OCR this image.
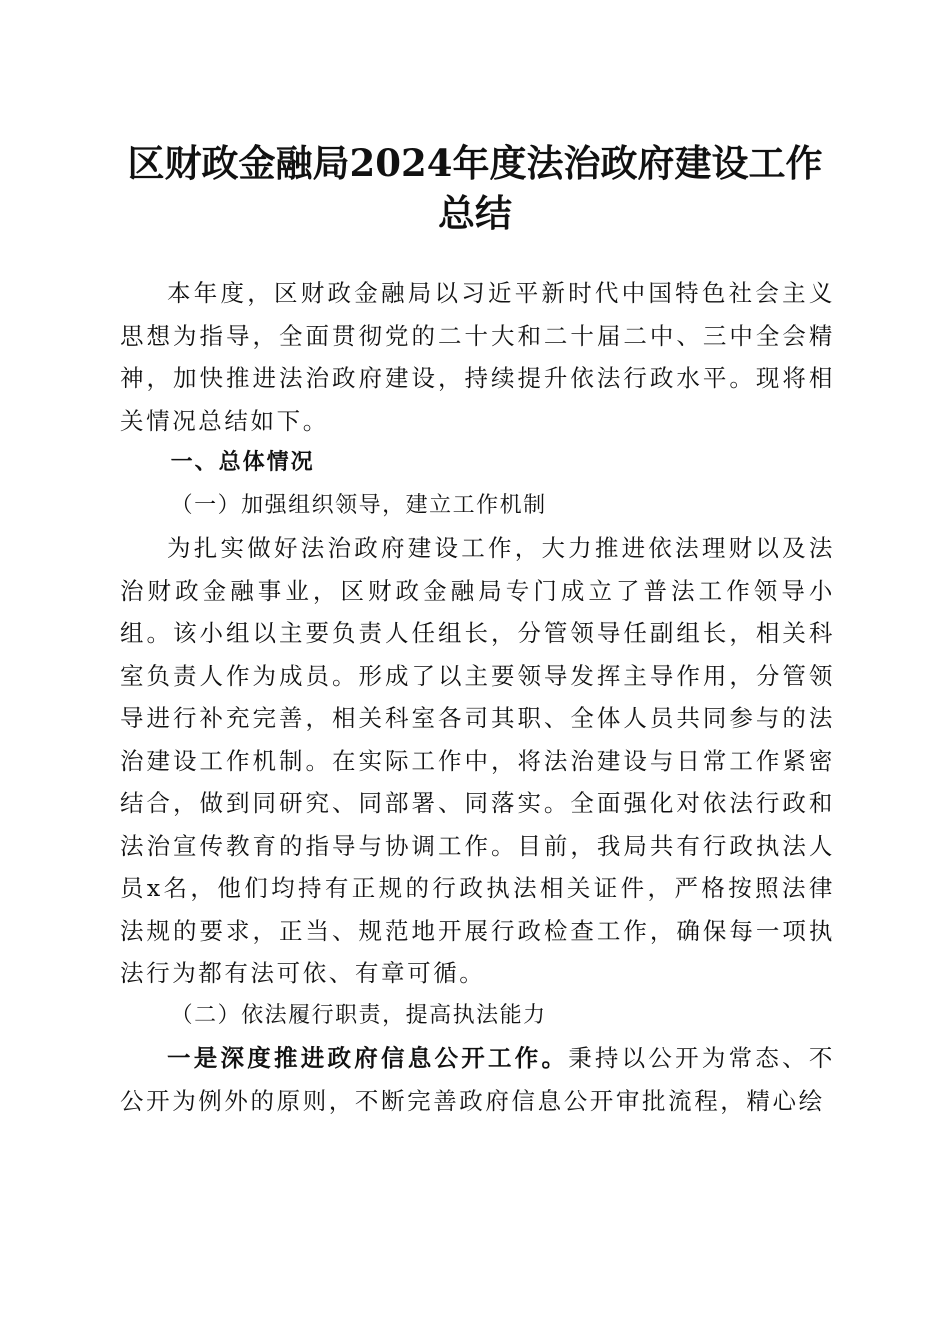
区财政金融局2024年度法治政府建设工作总结

本年度，区财政金融局以习近平新时代中国特色社会主义思想为指导，全面贯彻党的二十大和二十届二中、三中全会精神，加快推进法治政府建设，持续提升依法行政水平。现将相关情况总结如下。

一、总体情况

（一）加强组织领导，建立工作机制

为扎实做好法治政府建设工作，大力推进依法理财以及法治财政金融事业，区财政金融局专门成立了普法工作领导小组。该小组以主要负责人任组长，分管领导任副组长，相关科室负责人作为成员。形成了以主要领导发挥主导作用，分管领导进行补充完善，相关科室各司其职、全体人员共同参与的法治建设工作机制。在实际工作中，将法治建设与日常工作紧密结合，做到同研究、同部署、同落实。全面强化对依法行政和法治宣传教育的指导与协调工作。目前，我局共有行政执法人员x名，他们均持有正规的行政执法相关证件，严格按照法律法规的要求，正当、规范地开展行政检查工作，确保每一项执法行为都有法可依、有章可循。

（二）依法履行职责，提高执法能力

一是深度推进政府信息公开工作。秉持以公开为常态、不公开为例外的原则，不断完善政府信息公开审批流程，精心绘
